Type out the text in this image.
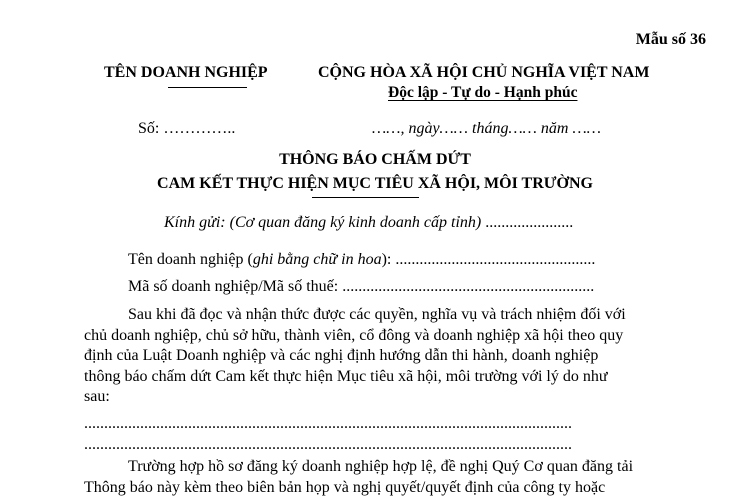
Mẫu số 36
TÊN DOANH NGHIỆP	CỘNG HÒA XÃ HỘI CHỦ NGHĨA VIỆT NAM
Độc lập - Tự do - Hạnh phúc
Số: …………..	……, ngày…… tháng…… năm ……
THÔNG BÁO CHẤM DỨT
CAM KẾT THỰC HIỆN MỤC TIÊU XÃ HỘI, MÔI TRƯỜNG
Kính gửi: (Cơ quan đăng ký kinh doanh cấp tỉnh) ......................
Tên doanh nghiệp (ghi bằng chữ in hoa): ..................................................
Mã số doanh nghiệp/Mã số thuế: ...............................................................
Sau khi đã đọc và nhận thức được các quyền, nghĩa vụ và trách nhiệm đối với
chủ doanh nghiệp, chủ sở hữu, thành viên, cổ đông và doanh nghiệp xã hội theo quy
định của Luật Doanh nghiệp và các nghị định hướng dẫn thi hành, doanh nghiệp
thông báo chấm dứt Cam kết thực hiện Mục tiêu xã hội, môi trường với lý do như
sau:
..........................................................................................................................
..........................................................................................................................
Trường hợp hồ sơ đăng ký doanh nghiệp hợp lệ, đề nghị Quý Cơ quan đăng tải
Thông báo này kèm theo biên bản họp và nghị quyết/quyết định của công ty hoặc
